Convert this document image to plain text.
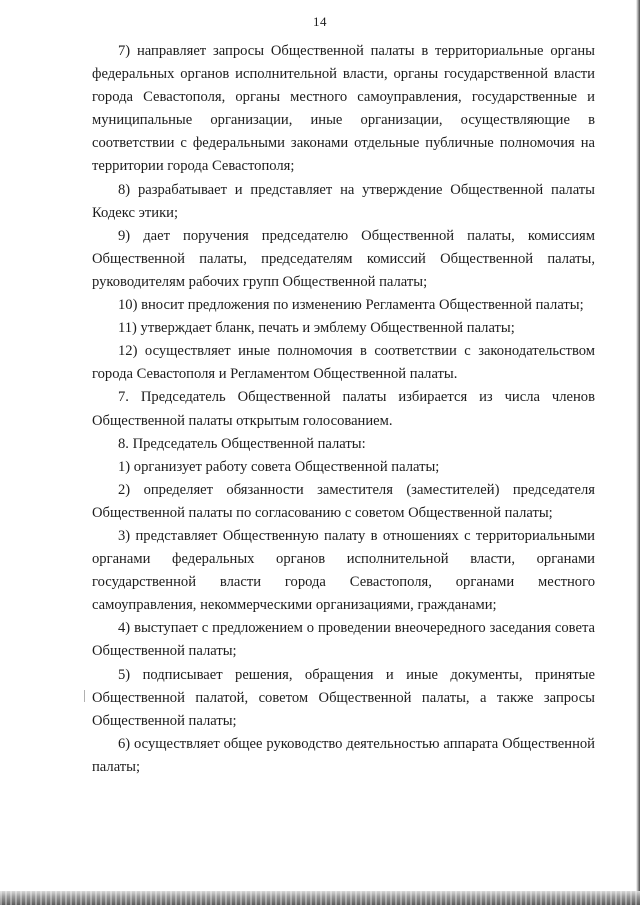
14

7) направляет запросы Общественной палаты в территориальные органы федеральных органов исполнительной власти, органы государственной власти города Севастополя, органы местного самоуправления, государственные и муниципальные организации, иные организации, осуществляющие в соответствии с федеральными законами отдельные публичные полномочия на территории города Севастополя;

8) разрабатывает и представляет на утверждение Общественной палаты Кодекс этики;

9) дает поручения председателю Общественной палаты, комиссиям Общественной палаты, председателям комиссий Общественной палаты, руководителям рабочих групп Общественной палаты;

10) вносит предложения по изменению Регламента Общественной палаты;

11) утверждает бланк, печать и эмблему Общественной палаты;

12) осуществляет иные полномочия в соответствии с законодательством города Севастополя и Регламентом Общественной палаты.

7. Председатель Общественной палаты избирается из числа членов Общественной палаты открытым голосованием.

8. Председатель Общественной палаты:

1) организует работу совета Общественной палаты;

2) определяет обязанности заместителя (заместителей) председателя Общественной палаты по согласованию с советом Общественной палаты;

3) представляет Общественную палату в отношениях с территориальными органами федеральных органов исполнительной власти, органами государственной власти города Севастополя, органами местного самоуправления, некоммерческими организациями, гражданами;

4) выступает с предложением о проведении внеочередного заседания совета Общественной палаты;

5) подписывает решения, обращения и иные документы, принятые Общественной палатой, советом Общественной палаты, а также запросы Общественной палаты;

6) осуществляет общее руководство деятельностью аппарата Общественной палаты;
